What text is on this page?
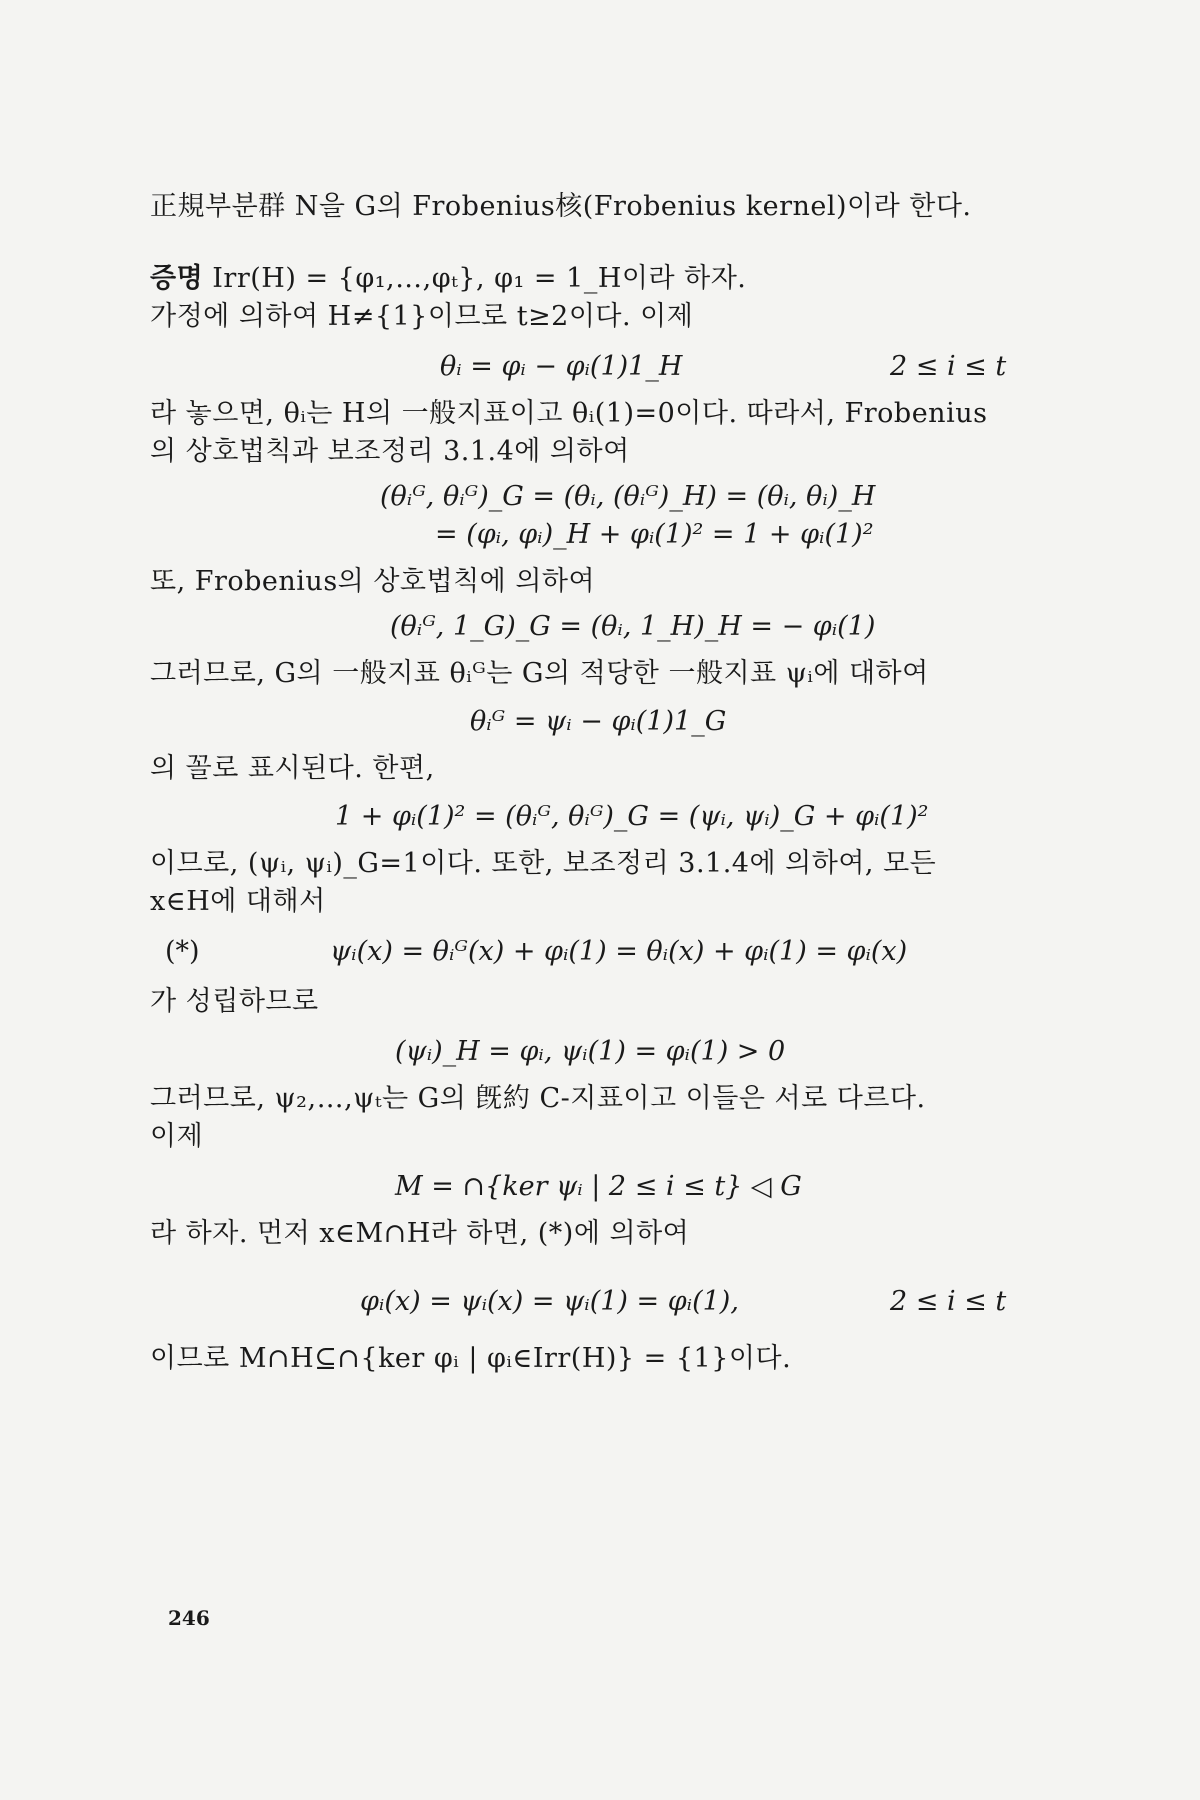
正規부분群 N을 G의 Frobenius核(Frobenius kernel)이라 한다.
증명 Irr(H) = {φ₁,…,φₜ}, φ₁ = 1_H이라 하자.
가정에 의하여 H≠{1}이므로 t≥2이다. 이제
θᵢ = φᵢ − φᵢ(1)1_H	2 ≤ i ≤ t
라 놓으면, θᵢ는 H의 一般지표이고 θᵢ(1)=0이다. 따라서, Frobenius
의 상호법칙과 보조정리 3.1.4에 의하여
(θᵢᴳ, θᵢᴳ)_G = (θᵢ, (θᵢᴳ)_H) = (θᵢ, θᵢ)_H
= (φᵢ, φᵢ)_H + φᵢ(1)² = 1 + φᵢ(1)²
또, Frobenius의 상호법칙에 의하여
(θᵢᴳ, 1_G)_G = (θᵢ, 1_H)_H = − φᵢ(1)
그러므로, G의 一般지표 θᵢᴳ는 G의 적당한 一般지표 ψᵢ에 대하여
θᵢᴳ = ψᵢ − φᵢ(1)1_G
의 꼴로 표시된다. 한편,
1 + φᵢ(1)² = (θᵢᴳ, θᵢᴳ)_G = (ψᵢ, ψᵢ)_G + φᵢ(1)²
이므로, (ψᵢ, ψᵢ)_G=1이다. 또한, 보조정리 3.1.4에 의하여, 모든
x∈H에 대해서
(*)	ψᵢ(x) = θᵢᴳ(x) + φᵢ(1) = θᵢ(x) + φᵢ(1) = φᵢ(x)
가 성립하므로
(ψᵢ)_H = φᵢ, ψᵢ(1) = φᵢ(1) > 0
그러므로, ψ₂,…,ψₜ는 G의 旣約 C-지표이고 이들은 서로 다르다.
이제
M = ∩{ker ψᵢ | 2 ≤ i ≤ t} ◁ G
라 하자. 먼저 x∈M∩H라 하면, (*)에 의하여
φᵢ(x) = ψᵢ(x) = ψᵢ(1) = φᵢ(1),	2 ≤ i ≤ t
이므로 M∩H⊆∩{ker φᵢ | φᵢ∈Irr(H)} = {1}이다.
246
